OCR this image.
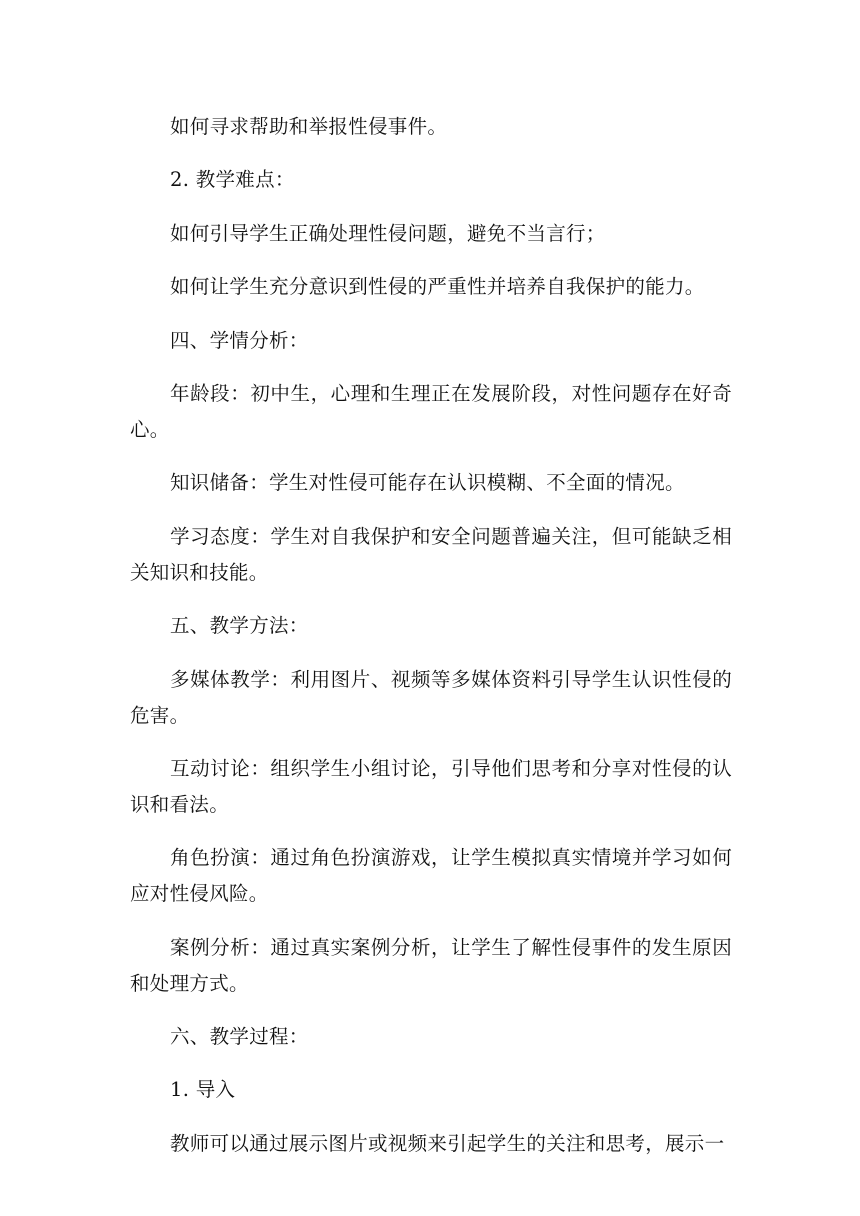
如何寻求帮助和举报性侵事件。

2. 教学难点：

如何引导学生正确处理性侵问题，避免不当言行；

如何让学生充分意识到性侵的严重性并培养自我保护的能力。

四、学情分析：

年龄段：初中生，心理和生理正在发展阶段，对性问题存在好奇心。

知识储备：学生对性侵可能存在认识模糊、不全面的情况。

学习态度：学生对自我保护和安全问题普遍关注，但可能缺乏相关知识和技能。

五、教学方法：

多媒体教学：利用图片、视频等多媒体资料引导学生认识性侵的危害。

互动讨论：组织学生小组讨论，引导他们思考和分享对性侵的认识和看法。

角色扮演：通过角色扮演游戏，让学生模拟真实情境并学习如何应对性侵风险。

案例分析：通过真实案例分析，让学生了解性侵事件的发生原因和处理方式。

六、教学过程：

1. 导入

教师可以通过展示图片或视频来引起学生的关注和思考，展示一
